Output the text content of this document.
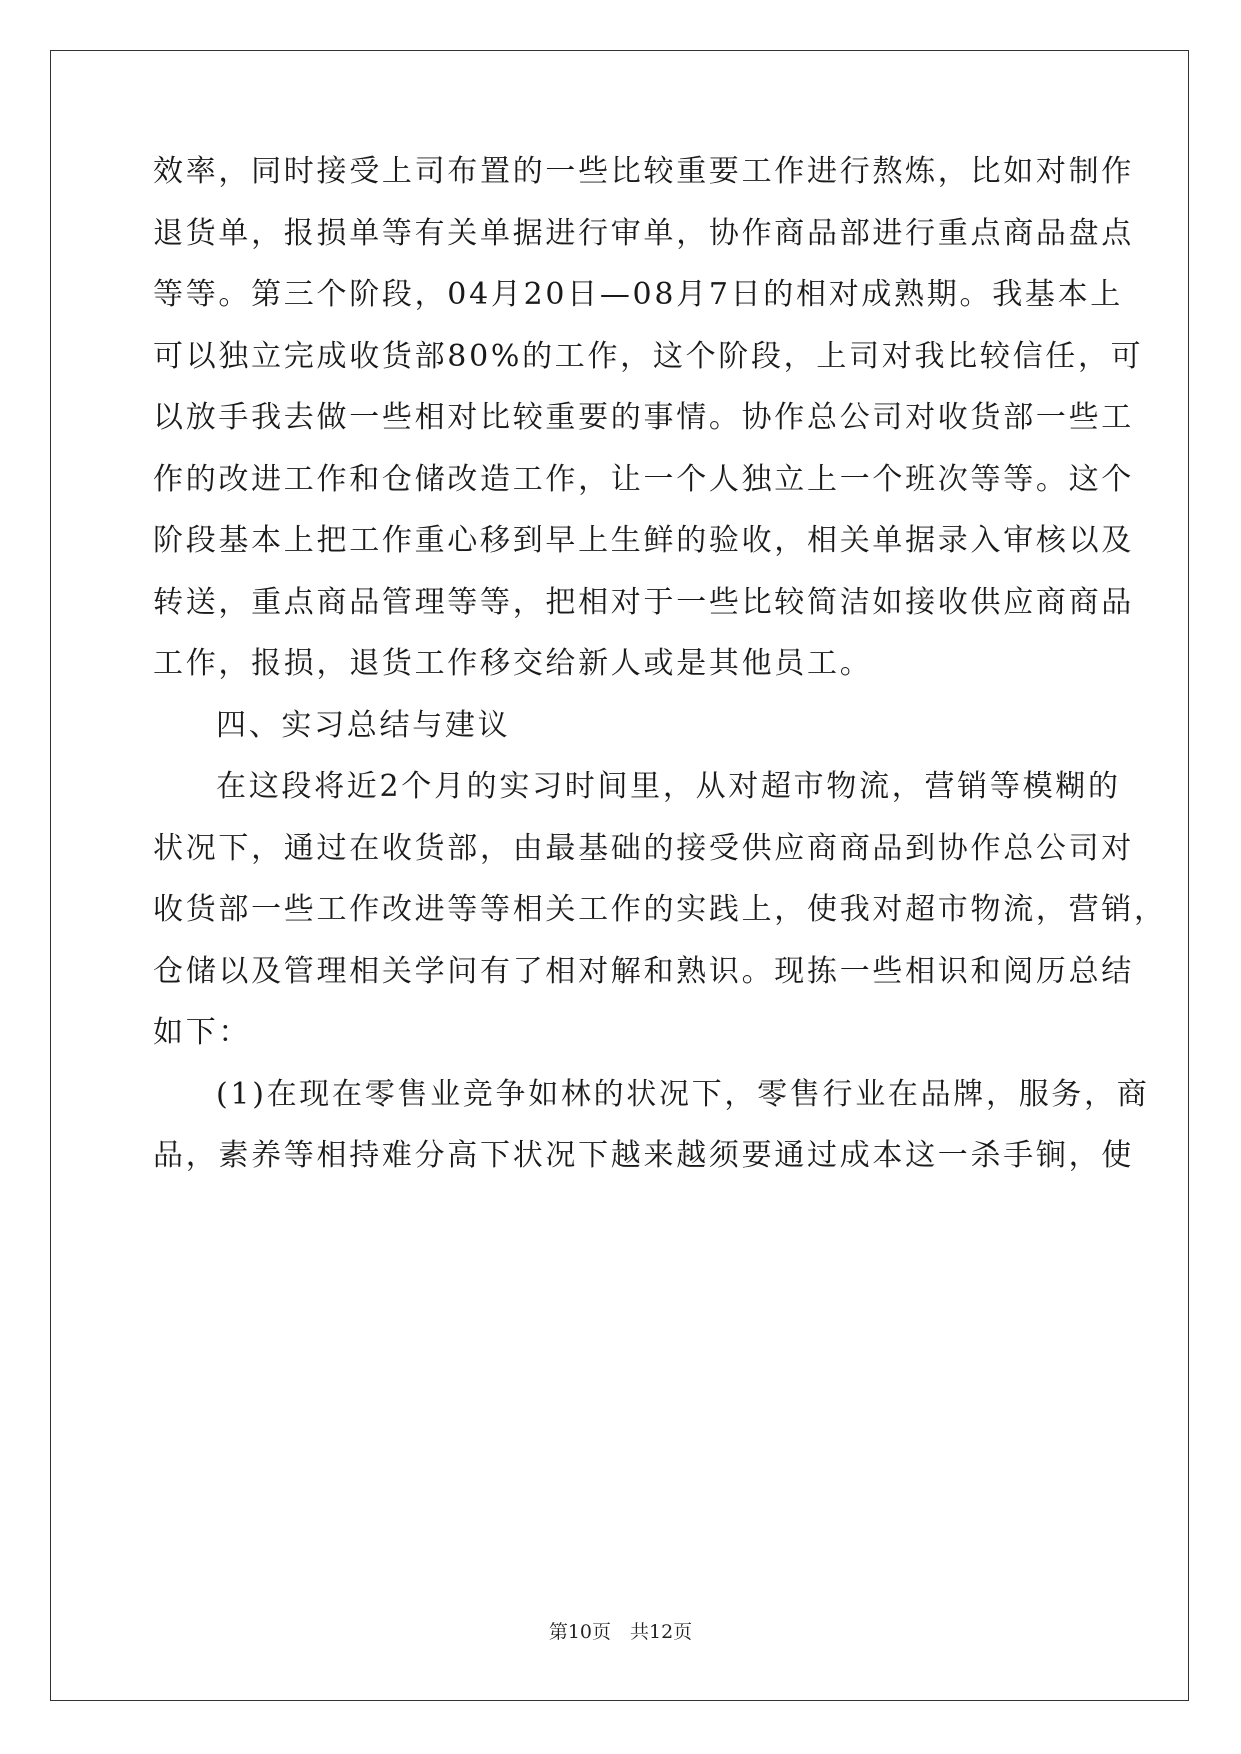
效率，同时接受上司布置的一些比较重要工作进行熬炼，比如对制作
退货单，报损单等有关单据进行审单，协作商品部进行重点商品盘点
等等。第三个阶段，04月20日—08月7日的相对成熟期。我基本上
可以独立完成收货部80%的工作，这个阶段，上司对我比较信任，可
以放手我去做一些相对比较重要的事情。协作总公司对收货部一些工
作的改进工作和仓储改造工作，让一个人独立上一个班次等等。这个
阶段基本上把工作重心移到早上生鲜的验收，相关单据录入审核以及
转送，重点商品管理等等，把相对于一些比较简洁如接收供应商商品
工作，报损，退货工作移交给新人或是其他员工。
四、实习总结与建议
在这段将近2个月的实习时间里，从对超市物流，营销等模糊的
状况下，通过在收货部，由最基础的接受供应商商品到协作总公司对
收货部一些工作改进等等相关工作的实践上，使我对超市物流，营销，
仓储以及管理相关学问有了相对解和熟识。现拣一些相识和阅历总结
如下：
(1)在现在零售业竞争如林的状况下，零售行业在品牌，服务，商
品，素养等相持难分高下状况下越来越须要通过成本这一杀手锏，使
第10页　共12页
